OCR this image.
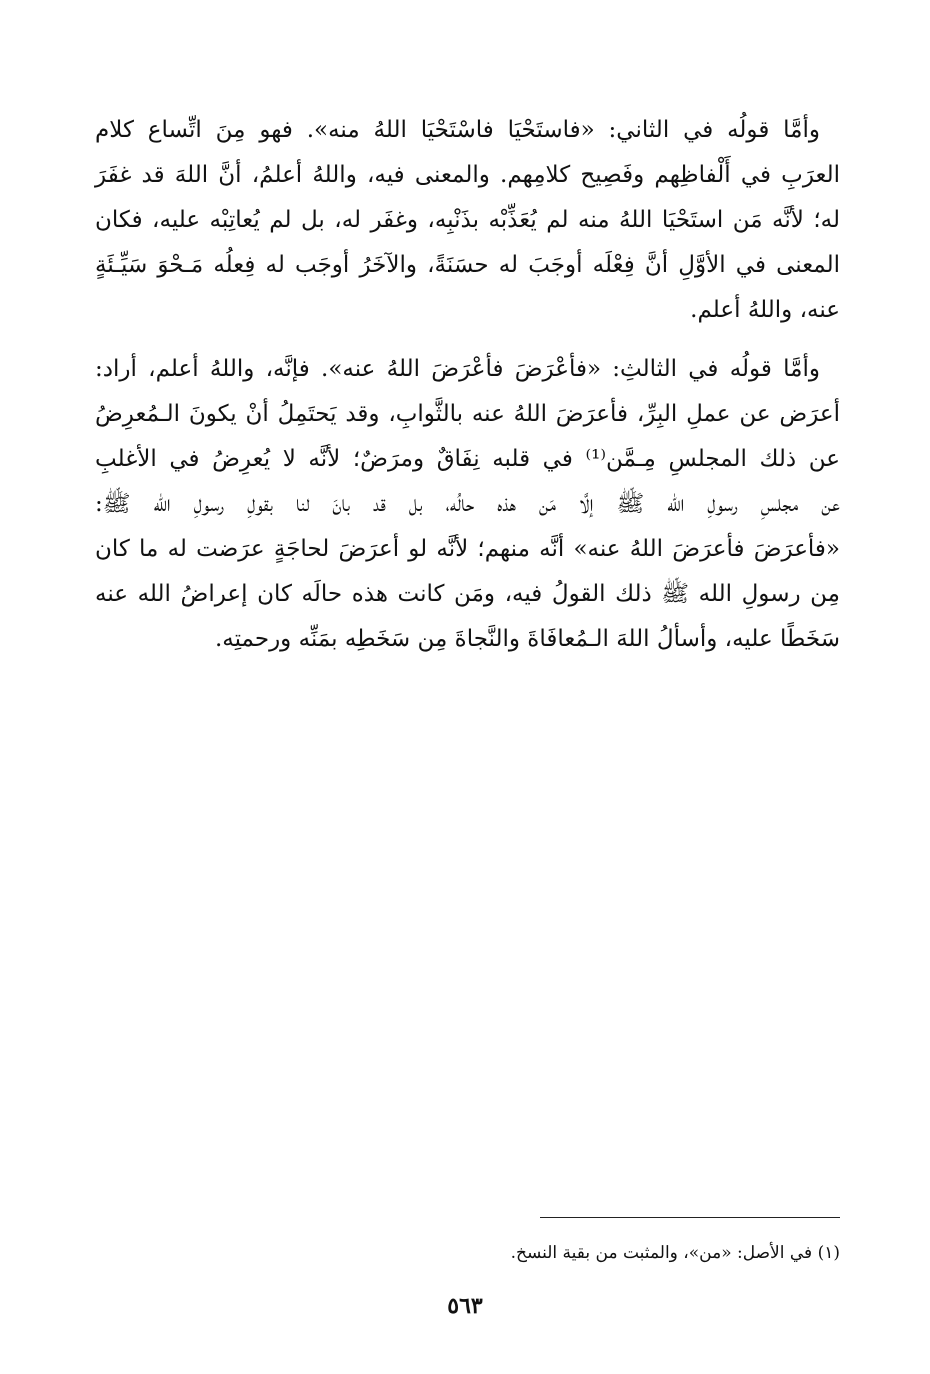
وأمَّا قولُه في الثاني: «فاستَحْيَا فاسْتَحْيَا اللهُ منه». فهو مِنَ اتِّساع كلام
العرَبِ في أَلْفاظِهم وفَصِيح كلامِهم. والمعنى فيه، واللهُ أعلمُ، أنَّ اللهَ قد غفَرَ
له؛ لأنَّه مَن استَحْيَا اللهُ منه لم يُعَذِّبْه بذَنْبِه، وغفَر له، بل لم يُعاتِبْه عليه، فكان
المعنى في الأوَّلِ أنَّ فِعْلَه أوجَبَ له حسَنَةً، والآخَرُ أوجَب له فِعلُه مَـحْوَ سَيِّـئَةٍ
عنه، واللهُ أعلم.

وأمَّا قولُه في الثالثِ: «فأعْرَضَ فأعْرَضَ اللهُ عنه». فإنَّه، واللهُ أعلم، أراد:
أعرَض عن عملِ البِرِّ، فأعرَضَ اللهُ عنه بالثَّوابِ، وقد يَحتَمِلُ أنْ يكونَ الـمُعرِضُ
عن ذلك المجلسِ مِـمَّن⁽¹⁾ في قلبه نِفَاقٌ ومرَضٌ؛ لأنَّه لا يُعرِضُ في الأغلبِ
عن مجلسِ رسولِ الله ﷺ إلَّا مَن هذه حالُه، بل قد بانَ لنا بقولِ رسولِ الله ﷺ:
«فأعرَضَ فأعرَضَ اللهُ عنه» أنَّه منهم؛ لأنَّه لو أعرَضَ لحاجَةٍ عرَضت له ما كان
مِن رسولِ الله ﷺ ذلك القولُ فيه، ومَن كانت هذه حالَه كان إعراضُ الله عنه
سَخَطًا عليه، وأسألُ اللهَ الـمُعافَاةَ والنَّجاةَ مِن سَخَطِه بمَنِّه ورحمتِه.

(١) في الأصل: «من»، والمثبت من بقية النسخ.
٥٦٣
